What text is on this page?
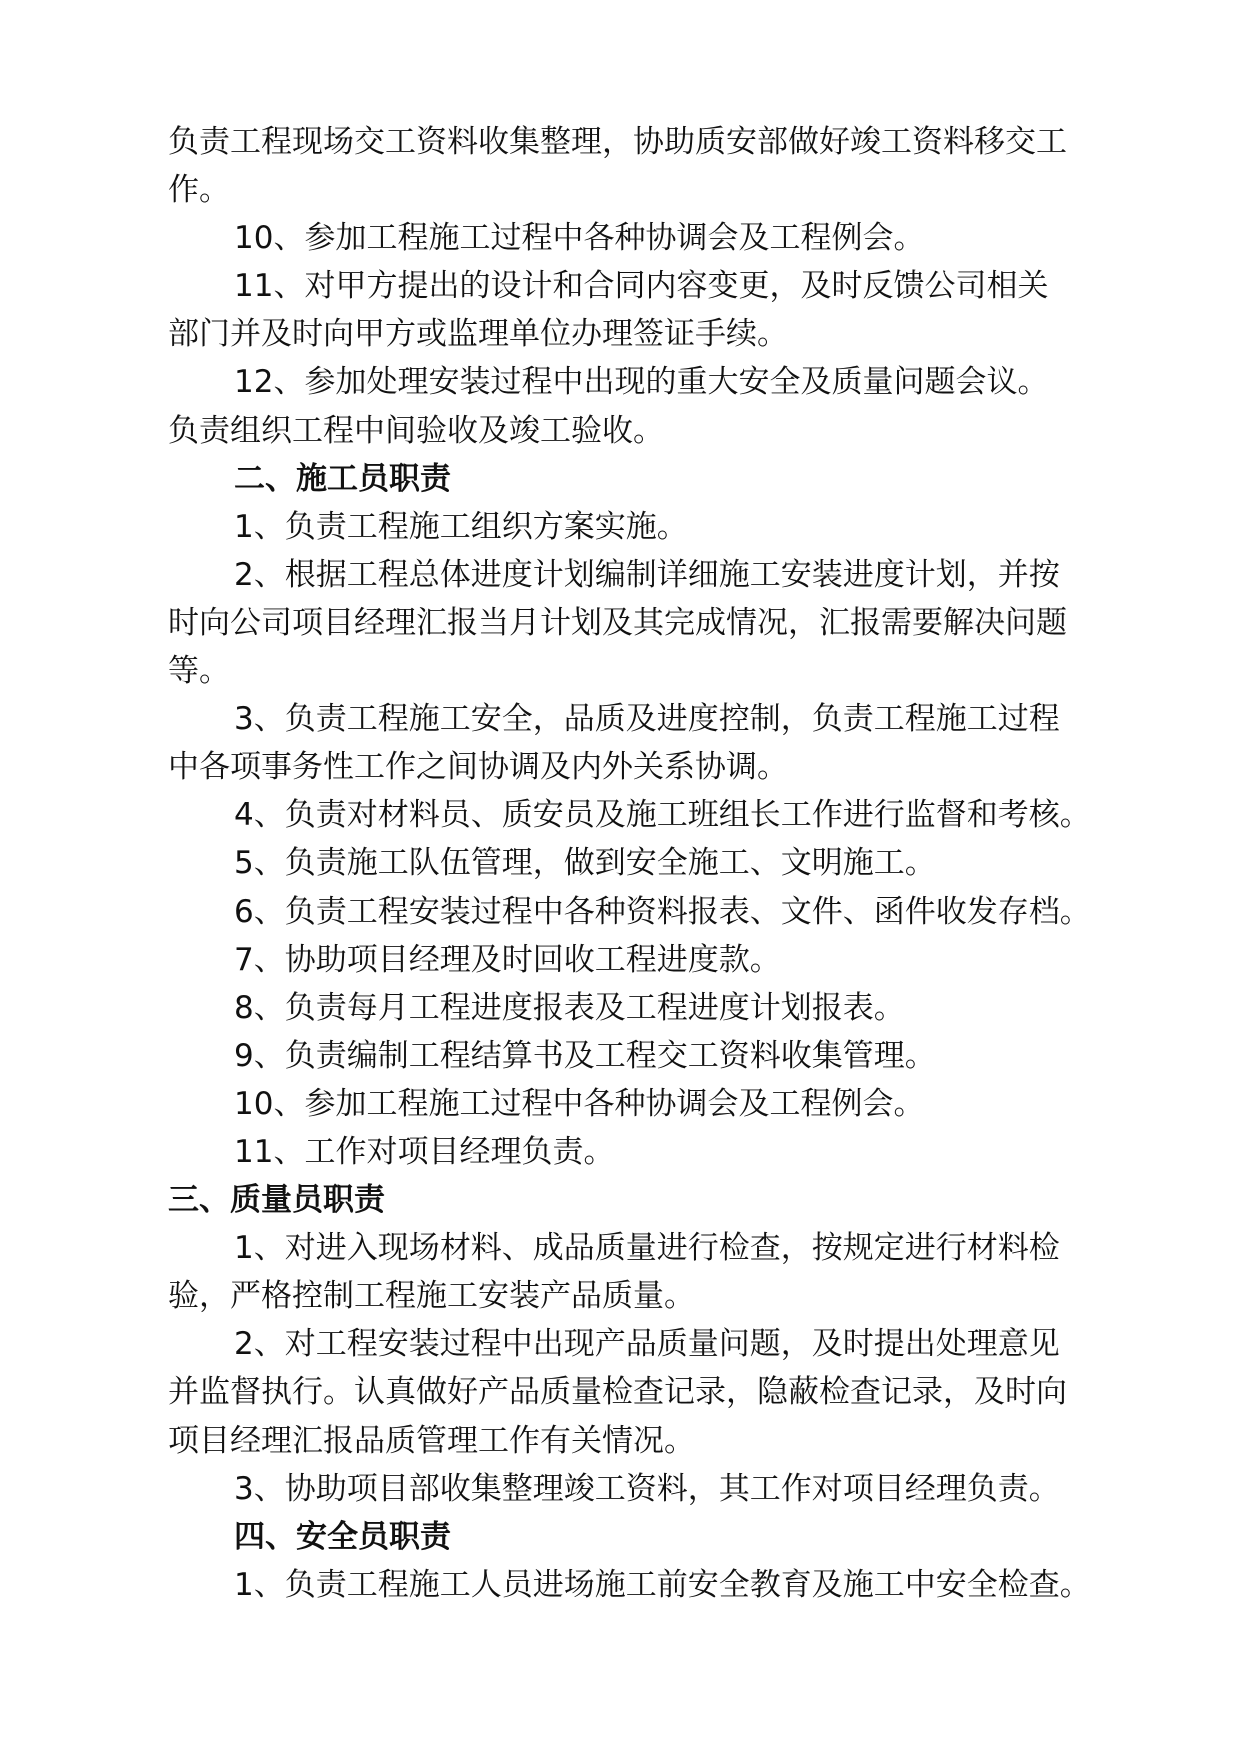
负责工程现场交工资料收集整理，协助质安部做好竣工资料移交工
作。
10、参加工程施工过程中各种协调会及工程例会。
11、对甲方提出的设计和合同内容变更，及时反馈公司相关
部门并及时向甲方或监理单位办理签证手续。
12、参加处理安装过程中出现的重大安全及质量问题会议。
负责组织工程中间验收及竣工验收。
二、施工员职责
1、负责工程施工组织方案实施。
2、根据工程总体进度计划编制详细施工安装进度计划，并按
时向公司项目经理汇报当月计划及其完成情况，汇报需要解决问题
等。
3、负责工程施工安全，品质及进度控制，负责工程施工过程
中各项事务性工作之间协调及内外关系协调。
4、负责对材料员、质安员及施工班组长工作进行监督和考核。
5、负责施工队伍管理，做到安全施工、文明施工。
6、负责工程安装过程中各种资料报表、文件、函件收发存档。
7、协助项目经理及时回收工程进度款。
8、负责每月工程进度报表及工程进度计划报表。
9、负责编制工程结算书及工程交工资料收集管理。
10、参加工程施工过程中各种协调会及工程例会。
11、工作对项目经理负责。
三、质量员职责
1、对进入现场材料、成品质量进行检查，按规定进行材料检
验，严格控制工程施工安装产品质量。
2、对工程安装过程中出现产品质量问题，及时提出处理意见
并监督执行。认真做好产品质量检查记录，隐蔽检查记录，及时向
项目经理汇报品质管理工作有关情况。
3、协助项目部收集整理竣工资料，其工作对项目经理负责。
四、安全员职责
1、负责工程施工人员进场施工前安全教育及施工中安全检查。
